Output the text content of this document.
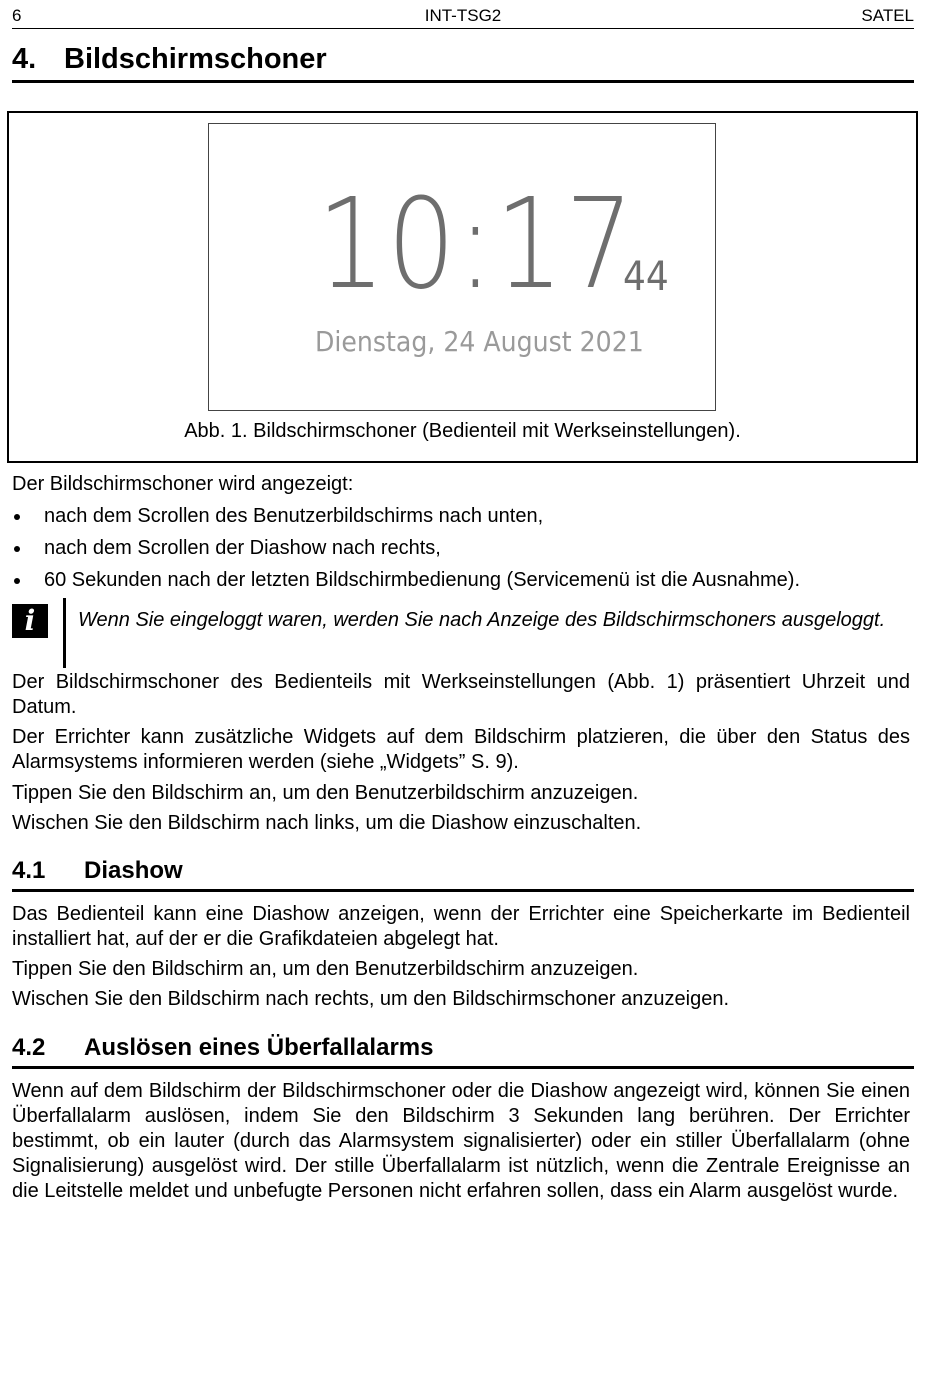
6	INT-TSG2	SATEL
4. Bildschirmschoner
10:17
44
Dienstag, 24 August 2021
Abb. 1. Bildschirmschoner (Bedienteil mit Werkseinstellungen).
Der Bildschirmschoner wird angezeigt:
nach dem Scrollen des Benutzerbildschirms nach unten,
nach dem Scrollen der Diashow nach rechts,
60 Sekunden nach der letzten Bildschirmbedienung (Servicemenü ist die Ausnahme).
i	Wenn Sie eingeloggt waren, werden Sie nach Anzeige des Bildschirmschoners ausgeloggt.
Der Bildschirmschoner des Bedienteils mit Werkseinstellungen (Abb. 1) präsentiert Uhrzeit und Datum.
Der Errichter kann zusätzliche Widgets auf dem Bildschirm platzieren, die über den Status des Alarmsystems informieren werden (siehe „Widgets” S. 9).
Tippen Sie den Bildschirm an, um den Benutzerbildschirm anzuzeigen.
Wischen Sie den Bildschirm nach links, um die Diashow einzuschalten.
4.1 Diashow
Das Bedienteil kann eine Diashow anzeigen, wenn der Errichter eine Speicherkarte im Bedienteil installiert hat, auf der er die Grafikdateien abgelegt hat.
Tippen Sie den Bildschirm an, um den Benutzerbildschirm anzuzeigen.
Wischen Sie den Bildschirm nach rechts, um den Bildschirmschoner anzuzeigen.
4.2 Auslösen eines Überfallalarms
Wenn auf dem Bildschirm der Bildschirmschoner oder die Diashow angezeigt wird, können Sie einen Überfallalarm auslösen, indem Sie den Bildschirm 3 Sekunden lang berühren. Der Errichter bestimmt, ob ein lauter (durch das Alarmsystem signalisierter) oder ein stiller Überfallalarm (ohne Signalisierung) ausgelöst wird. Der stille Überfallalarm ist nützlich, wenn die Zentrale Ereignisse an die Leitstelle meldet und unbefugte Personen nicht erfahren sollen, dass ein Alarm ausgelöst wurde.
